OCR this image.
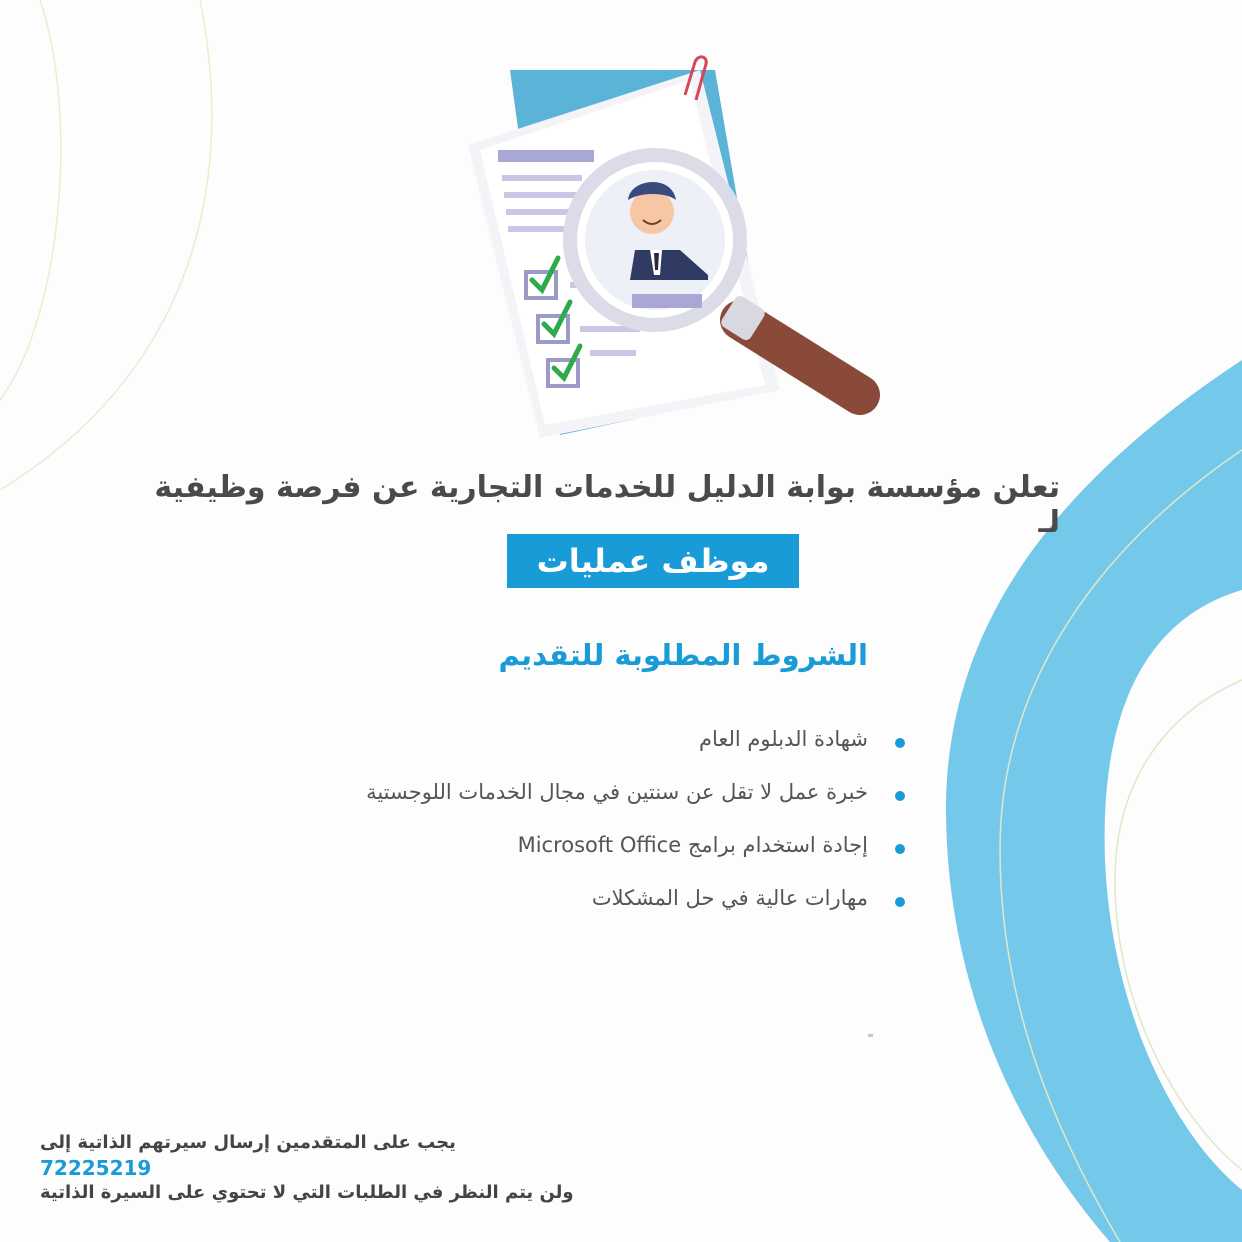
تعلن مؤسسة بوابة الدليل للخدمات التجارية عن فرصة وظيفية لـ
موظف عمليات
الشروط المطلوبة للتقديم
شهادة الدبلوم العام
خبرة عمل لا تقل عن سنتين في مجال الخدمات اللوجستية
إجادة استخدام برامج Microsoft Office
مهارات عالية في حل المشكلات
يجب على المتقدمين إرسال سيرتهم الذاتية إلى
72225219
ولن يتم النظر في الطلبات التي لا تحتوي على السيرة الذاتية
